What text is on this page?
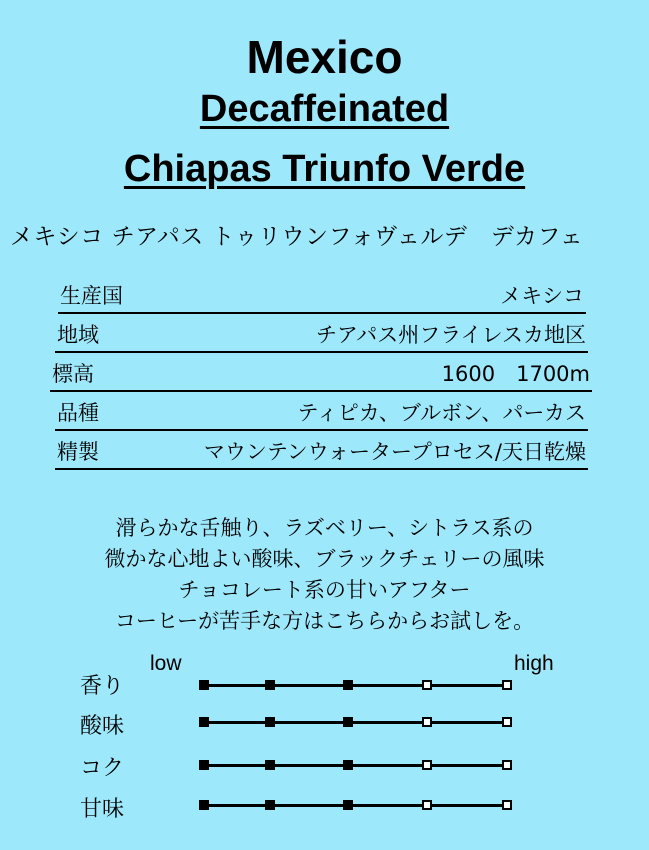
Mexico
Decaffeinated
Chiapas Triunfo Verde
メキシコ チアパス トゥリウンフォヴェルデ　デカフェ
生産国	メキシコ
地域	チアパス州フライレスカ地区
標高	1600　1700m
品種	ティピカ、ブルボン、パーカス
精製	マウンテンウォータープロセス/天日乾燥
滑らかな舌触り、ラズベリー、シトラス系の
微かな心地よい酸味、ブラックチェリーの風味
チョコレート系の甘いアフター
コーヒーが苦手な方はこちらからお試しを。
low	high
香り
酸味
コク
甘味
